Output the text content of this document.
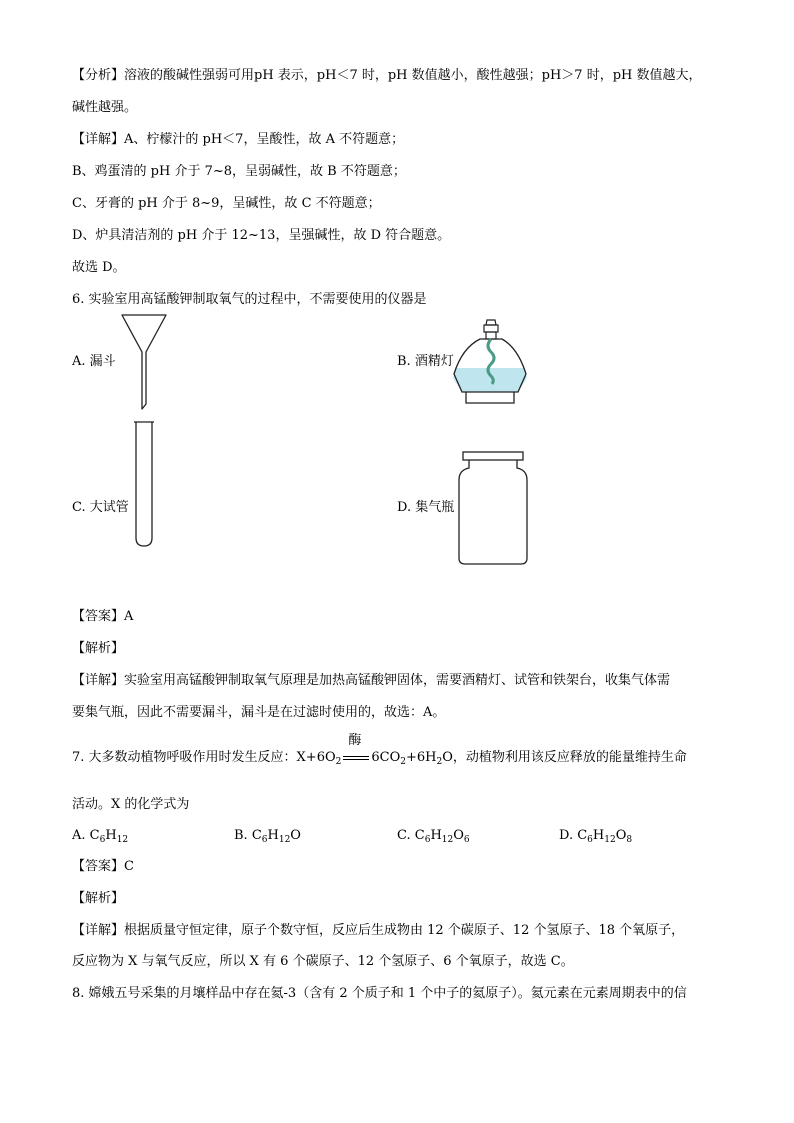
【分析】溶液的酸碱性强弱可用pH 表示，pH＜7 时，pH 数值越小，酸性越强；pH＞7 时，pH 数值越大，
碱性越强。
【详解】A、柠檬汁的 pH＜7，呈酸性，故 A 不符题意；
B、鸡蛋清的 pH 介于 7~8，呈弱碱性，故 B 不符题意；
C、牙膏的 pH 介于 8~9，呈碱性，故 C 不符题意；
D、炉具清洁剂的 pH 介于 12~13，呈强碱性，故 D 符合题意。
故选 D。
6. 实验室用高锰酸钾制取氧气的过程中，不需要使用的仪器是
A. 漏斗	B. 酒精灯
C. 大试管	D. 集气瓶
【答案】A
【解析】
【详解】实验室用高锰酸钾制取氧气原理是加热高锰酸钾固体，需要酒精灯、试管和铁架台，收集气体需
要集气瓶，因此不需要漏斗，漏斗是在过滤时使用的，故选：A。
7. 大多数动植物呼吸作用时发生反应：$X+6O_2$
酶
$6CO_2+6H_2O$，动植物利用该反应释放的能量维持生命
活动。X 的化学式为
A. $C_6H_{12}$	B. $C_6H_{12}O$	C. $C_6H_{12}O_6$	D. $C_6H_{12}O_8$
【答案】C
【解析】
【详解】根据质量守恒定律，原子个数守恒，反应后生成物由 12 个碳原子、12 个氢原子、18 个氧原子，
反应物为 X 与氧气反应，所以 X 有 6 个碳原子、12 个氢原子、6 个氧原子，故选 C。
8. 嫦娥五号采集的月壤样品中存在氦-3（含有 2 个质子和 1 个中子的氦原子）。氦元素在元素周期表中的信
